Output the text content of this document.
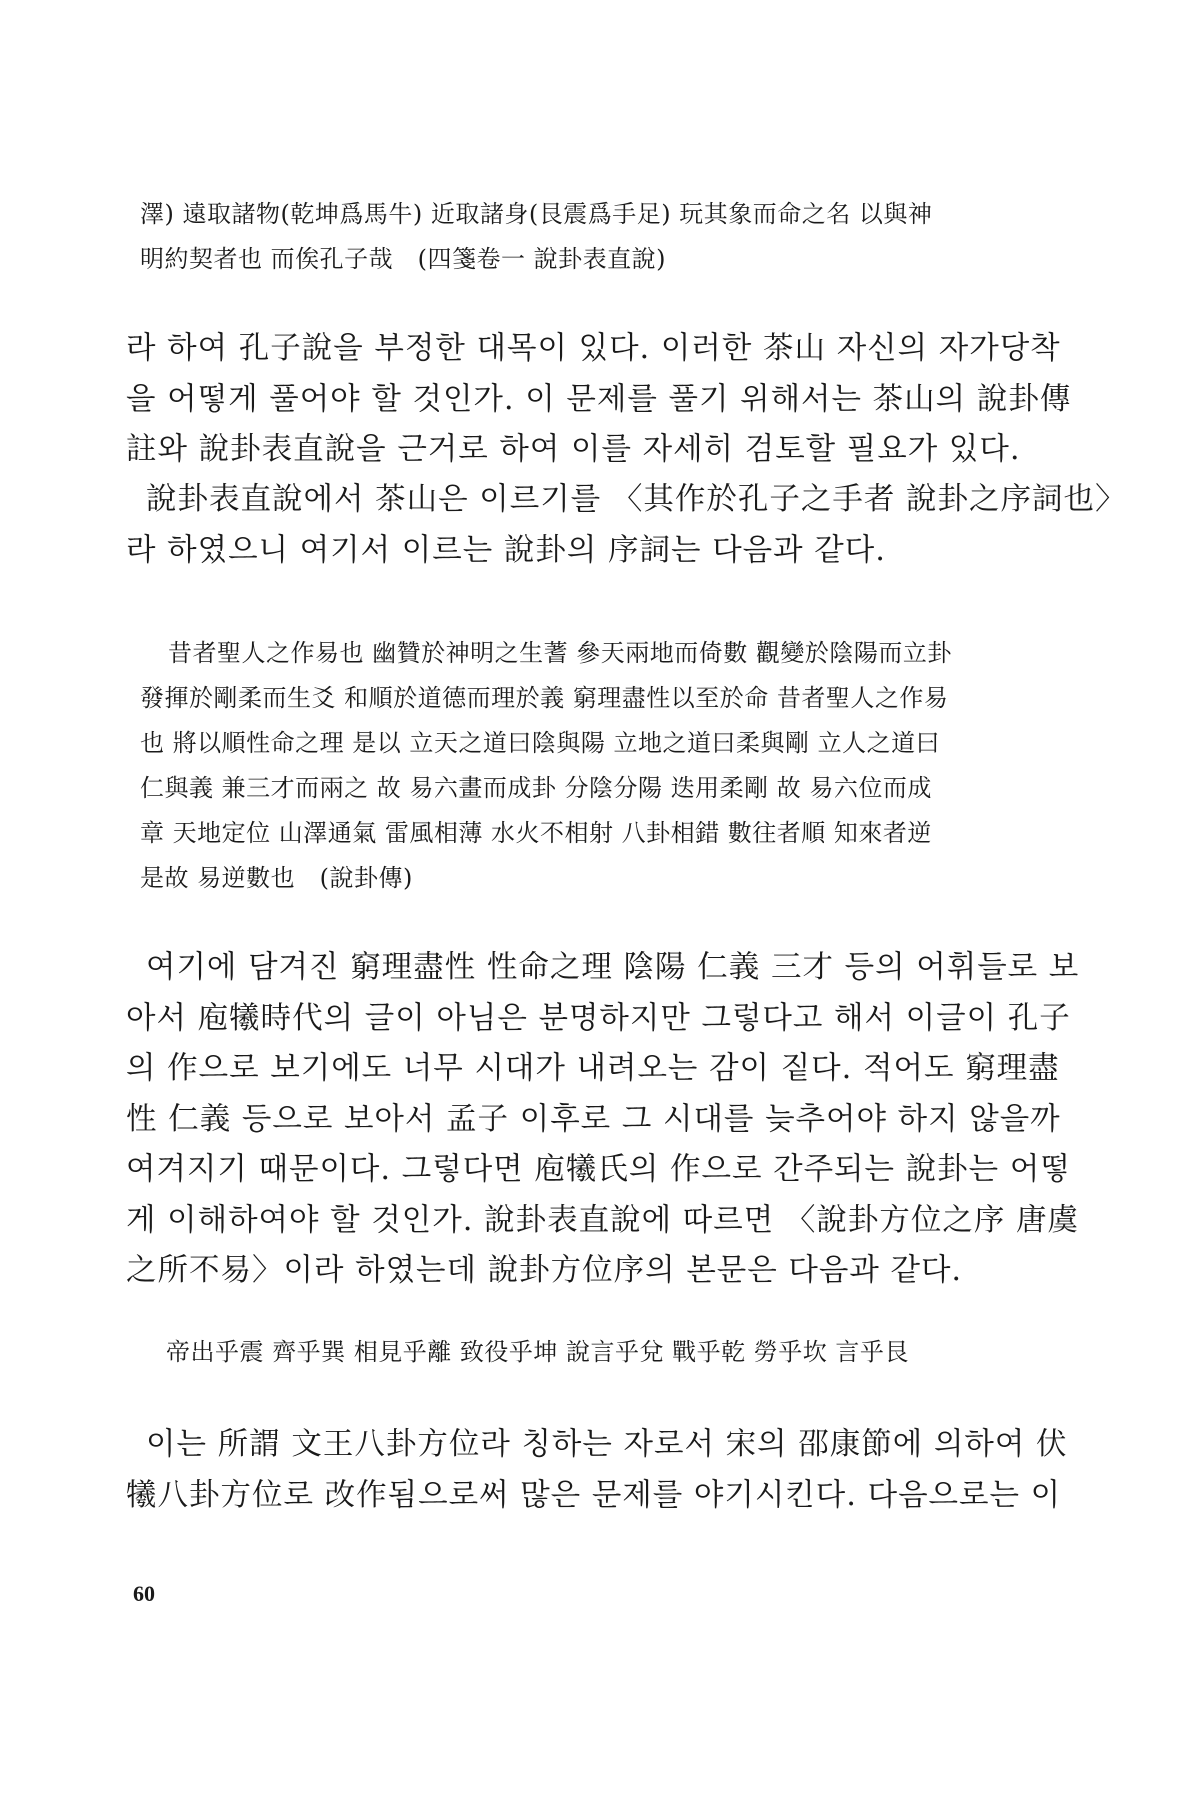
澤) 遠取諸物(乾坤爲馬牛) 近取諸身(艮震爲手足) 玩其象而命之名 以與神
明約契者也 而俟孔子哉　(四箋卷一 說卦表直說)
라 하여 孔子說을 부정한 대목이 있다. 이러한 茶山 자신의 자가당착
을 어떻게 풀어야 할 것인가. 이 문제를 풀기 위해서는 茶山의 說卦傳
註와 說卦表直說을 근거로 하여 이를 자세히 검토할 필요가 있다.
說卦表直說에서 茶山은 이르기를 〈其作於孔子之手者 說卦之序詞也〉
라 하였으니 여기서 이르는 說卦의 序詞는 다음과 같다.
昔者聖人之作易也 幽贊於神明之生蓍 參天兩地而倚數 觀變於陰陽而立卦
發揮於剛柔而生爻 和順於道德而理於義 窮理盡性以至於命 昔者聖人之作易
也 將以順性命之理 是以 立天之道曰陰與陽 立地之道曰柔與剛 立人之道曰
仁與義 兼三才而兩之 故 易六畫而成卦 分陰分陽 迭用柔剛 故 易六位而成
章 天地定位 山澤通氣 雷風相薄 水火不相射 八卦相錯 數往者順 知來者逆
是故 易逆數也　(說卦傳)
여기에 담겨진 窮理盡性 性命之理 陰陽 仁義 三才 등의 어휘들로 보
아서 庖犧時代의 글이 아님은 분명하지만 그렇다고 해서 이글이 孔子
의 作으로 보기에도 너무 시대가 내려오는 감이 짙다. 적어도 窮理盡
性 仁義 등으로 보아서 孟子 이후로 그 시대를 늦추어야 하지 않을까
여겨지기 때문이다. 그렇다면 庖犧氏의 作으로 간주되는 說卦는 어떻
게 이해하여야 할 것인가. 說卦表直說에 따르면 〈說卦方位之序 唐虞
之所不易〉이라 하였는데 說卦方位序의 본문은 다음과 같다.
帝出乎震 齊乎巽 相見乎離 致役乎坤 說言乎兌 戰乎乾 勞乎坎 言乎艮
이는 所謂 文王八卦方位라 칭하는 자로서 宋의 邵康節에 의하여 伏
犧八卦方位로 改作됨으로써 많은 문제를 야기시킨다. 다음으로는 이
60
